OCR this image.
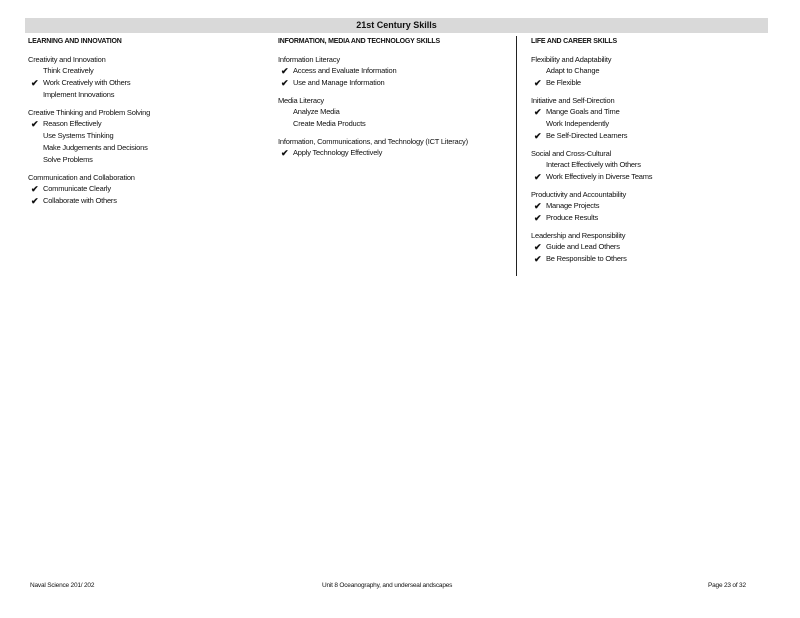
21st Century Skills
LEARNING AND INNOVATION
Creativity and Innovation
Think Creatively
✔ Work Creatively with Others
Implement Innovations
Creative Thinking and Problem Solving
✔ Reason Effectively
Use Systems Thinking
Make Judgements and Decisions
Solve Problems
Communication and Collaboration
✔ Communicate Clearly
✔ Collaborate with Others
INFORMATION, MEDIA AND TECHNOLOGY SKILLS
Information Literacy
✔ Access and Evaluate Information
✔ Use and Manage Information
Media Literacy
Analyze Media
Create Media Products
Information, Communications, and Technology (ICT Literacy)
✔ Apply Technology Effectively
LIFE AND CAREER SKILLS
Flexibility and Adaptability
Adapt to Change
✔ Be Flexible
Initiative and Self-Direction
✔ Mange Goals and Time
Work Independently
✔ Be Self-Directed Learners
Social and Cross-Cultural
Interact Effectively with Others
✔ Work Effectively in Diverse Teams
Productivity and Accountability
✔ Manage Projects
✔ Produce Results
Leadership and Responsibility
✔ Guide and Lead Others
✔ Be Responsible to Others
Naval Science 201/ 202	Unit 8 Oceanography, and underseal andscapes	Page 23 of 32
